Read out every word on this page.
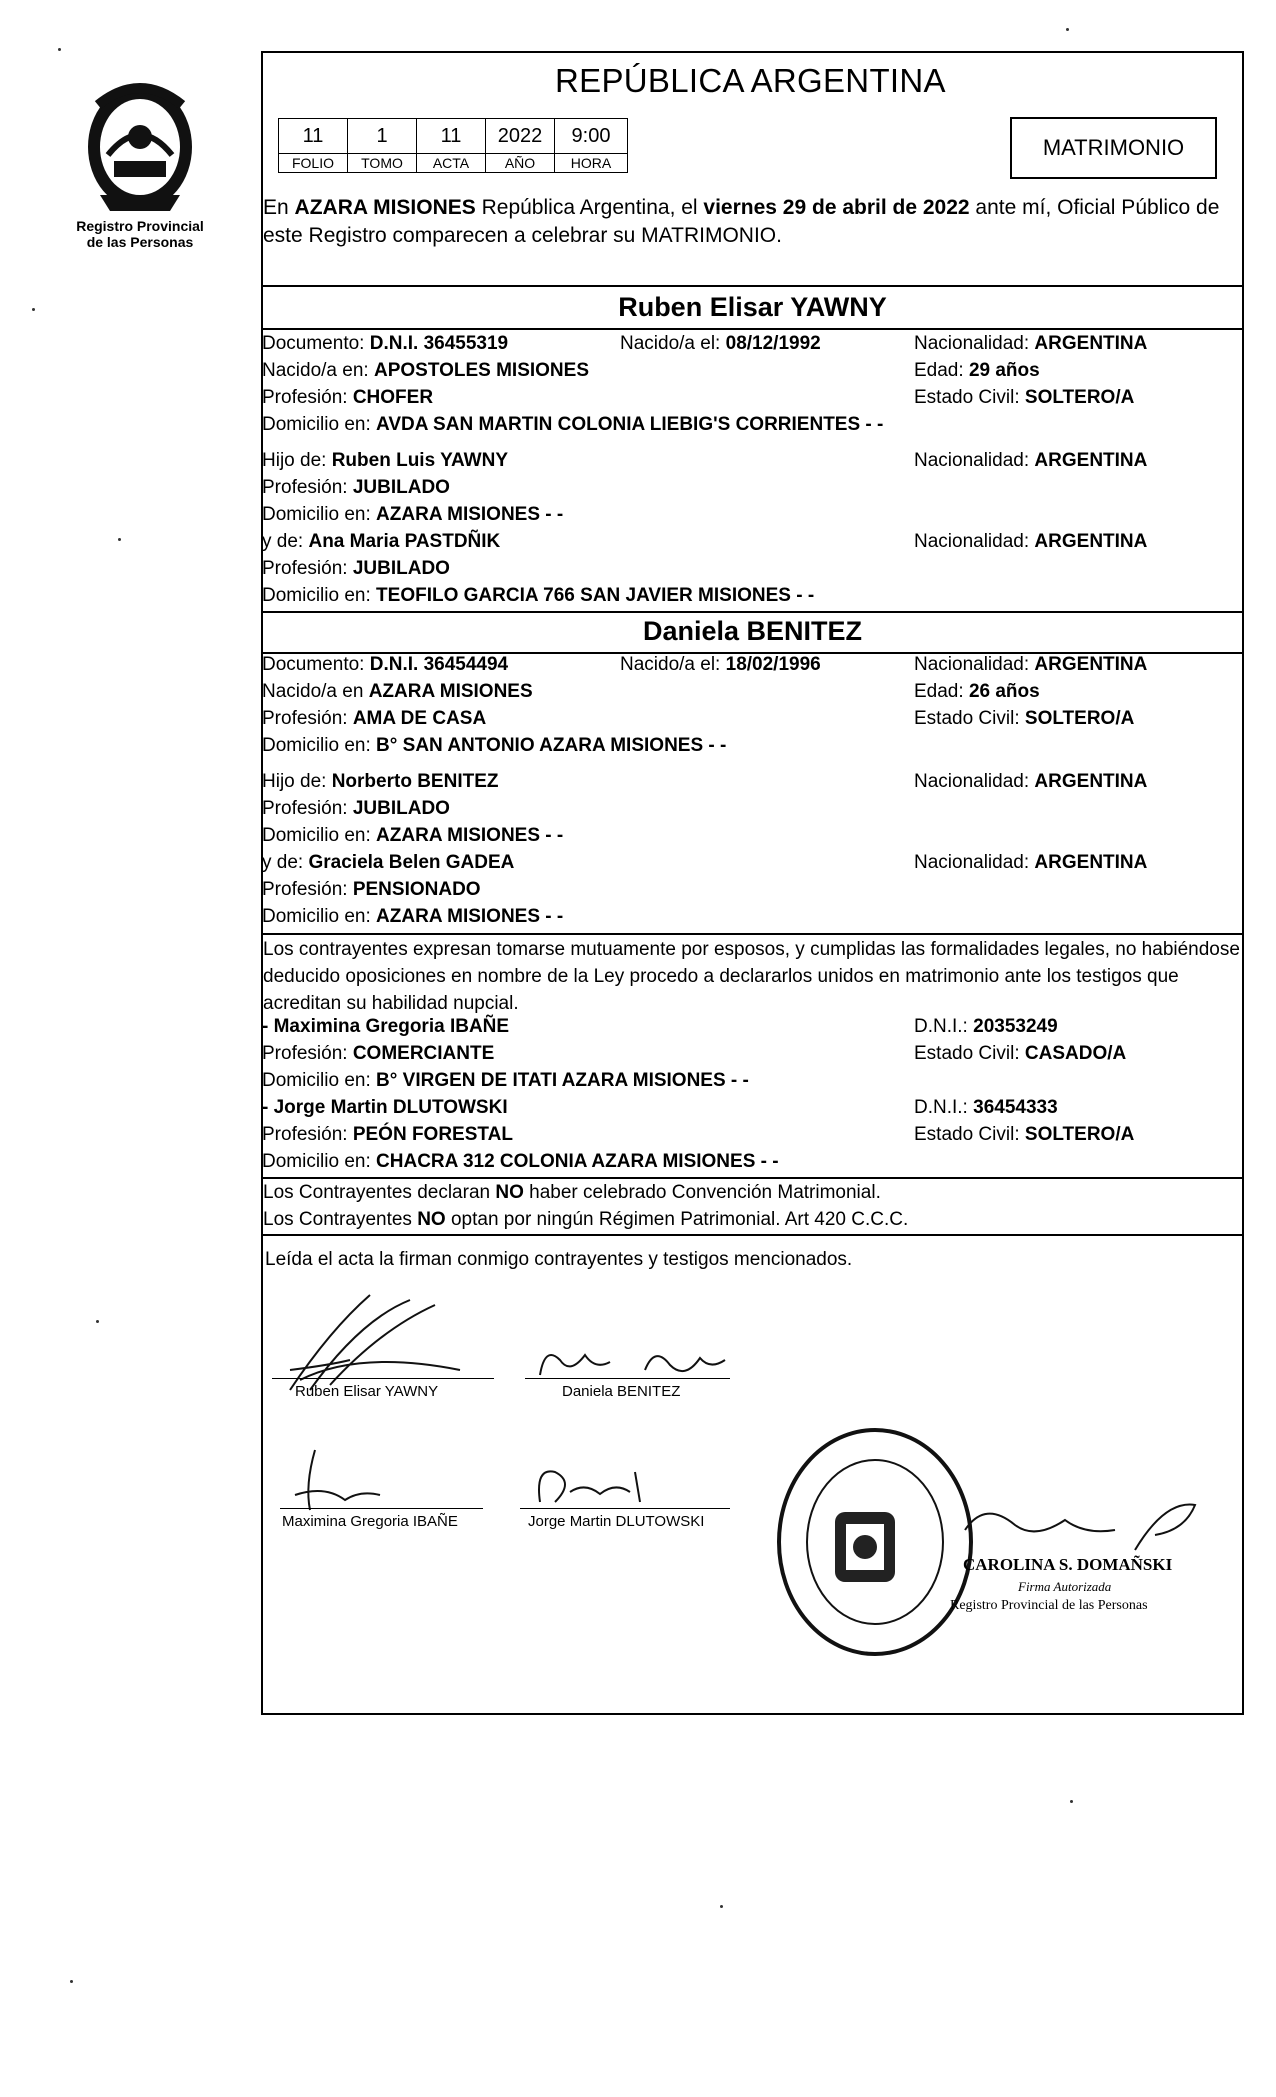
Registro Provincial
de las Personas
REPÚBLICA ARGENTINA
11	1	11	2022	9:00
FOLIO	TOMO	ACTA	AÑO	HORA
MATRIMONIO
En AZARA MISIONES República Argentina, el viernes 29 de abril de 2022 ante mí, Oficial Público de este Registro comparecen a celebrar su MATRIMONIO.
Ruben Elisar YAWNY
Documento: D.N.I. 36455319	Nacido/a el: 08/12/1992	Nacionalidad: ARGENTINA
Nacido/a en: APOSTOLES MISIONES	Edad: 29 años
Profesión: CHOFER	Estado Civil: SOLTERO/A
Domicilio en: AVDA SAN MARTIN COLONIA LIEBIG'S CORRIENTES - -
Hijo de: Ruben Luis YAWNY	Nacionalidad: ARGENTINA
Profesión: JUBILADO
Domicilio en: AZARA MISIONES - -
y de: Ana Maria PASTDÑIK	Nacionalidad: ARGENTINA
Profesión: JUBILADO
Domicilio en: TEOFILO GARCIA 766 SAN JAVIER MISIONES - -
Daniela BENITEZ
Documento: D.N.I. 36454494	Nacido/a el: 18/02/1996	Nacionalidad: ARGENTINA
Nacido/a en AZARA MISIONES	Edad: 26 años
Profesión: AMA DE CASA	Estado Civil: SOLTERO/A
Domicilio en: B° SAN ANTONIO AZARA MISIONES - -
Hijo de: Norberto BENITEZ	Nacionalidad: ARGENTINA
Profesión: JUBILADO
Domicilio en: AZARA MISIONES - -
y de: Graciela Belen GADEA	Nacionalidad: ARGENTINA
Profesión: PENSIONADO
Domicilio en: AZARA MISIONES - -
Los contrayentes expresan tomarse mutuamente por esposos, y cumplidas las formalidades legales, no habiéndose deducido oposiciones en nombre de la Ley procedo a declararlos unidos en matrimonio ante los testigos que acreditan su habilidad nupcial.
- Maximina Gregoria IBAÑE	D.N.I.: 20353249
Profesión: COMERCIANTE	Estado Civil: CASADO/A
Domicilio en: B° VIRGEN DE ITATI AZARA MISIONES - -
- Jorge Martin DLUTOWSKI	D.N.I.: 36454333
Profesión: PEÓN FORESTAL	Estado Civil: SOLTERO/A
Domicilio en: CHACRA 312 COLONIA AZARA MISIONES - -
Los Contrayentes declaran NO haber celebrado Convención Matrimonial.
Los Contrayentes NO optan por ningún Régimen Patrimonial. Art 420 C.C.C.
Leída el acta la firman conmigo contrayentes y testigos mencionados.
Ruben Elisar YAWNY	Daniela BENITEZ
Maximina Gregoria IBAÑE	Jorge Martin DLUTOWSKI
CAROLINA S. DOMAÑSKI
Firma Autorizada
Registro Provincial de las Personas
